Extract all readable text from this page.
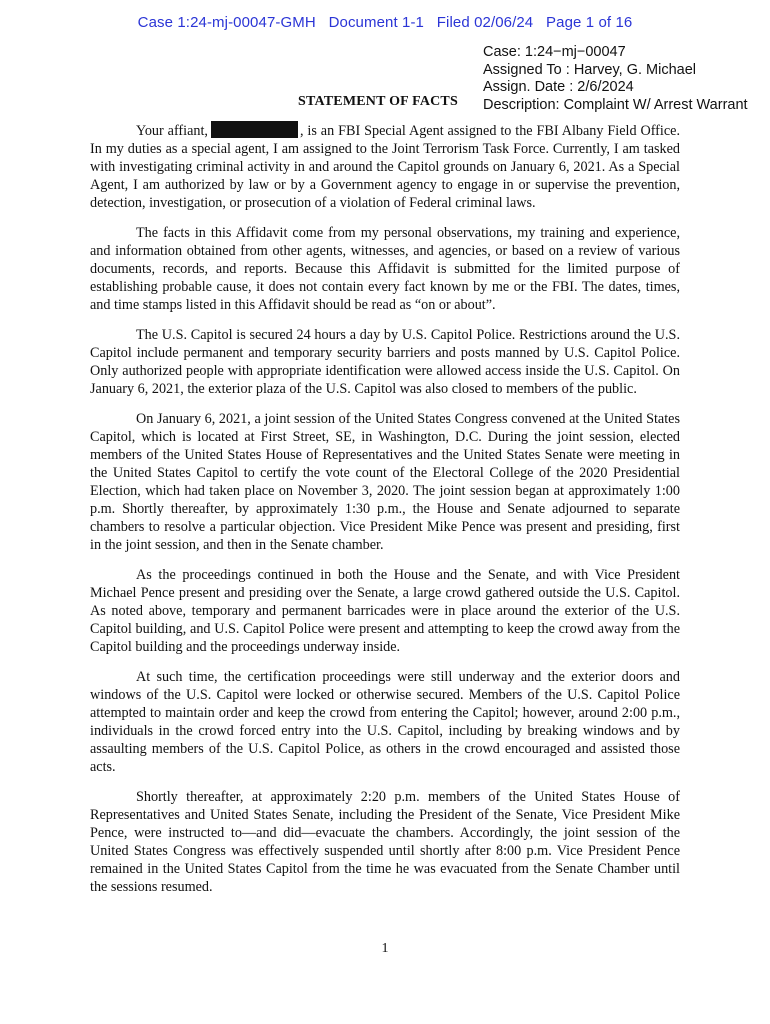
Case 1:24-mj-00047-GMH   Document 1-1   Filed 02/06/24   Page 1 of 16
Case: 1:24−mj−00047
Assigned To : Harvey, G. Michael
Assign. Date : 2/6/2024
Description: Complaint W/ Arrest Warrant
STATEMENT OF FACTS

Your affiant,	, is an FBI Special Agent assigned to the FBI Albany Field Office. In my duties as a special agent, I am assigned to the Joint Terrorism Task Force. Currently, I am tasked with investigating criminal activity in and around the Capitol grounds on January 6, 2021. As a Special Agent, I am authorized by law or by a Government agency to engage in or supervise the prevention, detection, investigation, or prosecution of a violation of Federal criminal laws.

The facts in this Affidavit come from my personal observations, my training and experience, and information obtained from other agents, witnesses, and agencies, or based on a review of various documents, records, and reports. Because this Affidavit is submitted for the limited purpose of establishing probable cause, it does not contain every fact known by me or the FBI. The dates, times, and time stamps listed in this Affidavit should be read as “on or about”.

The U.S. Capitol is secured 24 hours a day by U.S. Capitol Police. Restrictions around the U.S. Capitol include permanent and temporary security barriers and posts manned by U.S. Capitol Police. Only authorized people with appropriate identification were allowed access inside the U.S. Capitol. On January 6, 2021, the exterior plaza of the U.S. Capitol was also closed to members of the public.

On January 6, 2021, a joint session of the United States Congress convened at the United States Capitol, which is located at First Street, SE, in Washington, D.C. During the joint session, elected members of the United States House of Representatives and the United States Senate were meeting in the United States Capitol to certify the vote count of the Electoral College of the 2020 Presidential Election, which had taken place on November 3, 2020. The joint session began at approximately 1:00 p.m. Shortly thereafter, by approximately 1:30 p.m., the House and Senate adjourned to separate chambers to resolve a particular objection. Vice President Mike Pence was present and presiding, first in the joint session, and then in the Senate chamber.

As the proceedings continued in both the House and the Senate, and with Vice President Michael Pence present and presiding over the Senate, a large crowd gathered outside the U.S. Capitol. As noted above, temporary and permanent barricades were in place around the exterior of the U.S. Capitol building, and U.S. Capitol Police were present and attempting to keep the crowd away from the Capitol building and the proceedings underway inside.

At such time, the certification proceedings were still underway and the exterior doors and windows of the U.S. Capitol were locked or otherwise secured. Members of the U.S. Capitol Police attempted to maintain order and keep the crowd from entering the Capitol; however, around 2:00 p.m., individuals in the crowd forced entry into the U.S. Capitol, including by breaking windows and by assaulting members of the U.S. Capitol Police, as others in the crowd encouraged and assisted those acts.

Shortly thereafter, at approximately 2:20 p.m. members of the United States House of Representatives and United States Senate, including the President of the Senate, Vice President Mike Pence, were instructed to—and did—evacuate the chambers. Accordingly, the joint session of the United States Congress was effectively suspended until shortly after 8:00 p.m. Vice President Pence remained in the United States Capitol from the time he was evacuated from the Senate Chamber until the sessions resumed.

1
